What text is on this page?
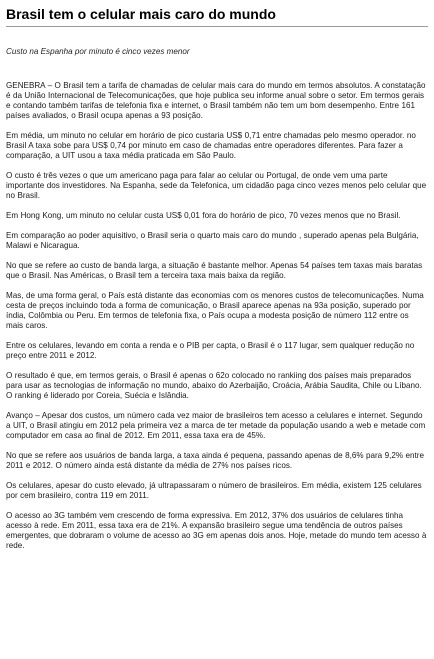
Brasil tem o celular mais caro do mundo

Custo na Espanha por minuto é cinco vezes menor

GENEBRA – O Brasil tem a tarifa de chamadas de celular mais cara do mundo em termos absolutos. A constatação é da União Internacional de Telecomunicações, que hoje publica seu informe anual sobre o setor. Em termos gerais e contando também tarifas de telefonia fixa e internet, o Brasil também não tem um bom desempenho. Entre 161 países avaliados, o Brasil ocupa apenas a 93 posição.

Em média, um minuto no celular em horário de pico custaria US$ 0,71 entre chamadas pelo mesmo operador. no Brasil A taxa sobe para US$ 0,74 por minuto em caso de chamadas entre operadores diferentes. Para fazer a comparação, a UIT usou a taxa média praticada em São Paulo.

O custo é três vezes o que um americano paga para falar ao celular ou Portugal, de onde vem uma parte importante dos investidores. Na Espanha, sede da Telefonica, um cidadão paga cinco vezes menos pelo celular que no Brasil.

Em Hong Kong, um minuto no celular custa US$ 0,01 fora do horário de pico, 70 vezes menos que no Brasil.

Em comparação ao poder aquisitivo, o Brasil seria o quarto mais caro do mundo , superado apenas pela Bulgária, Malawi e Nicaragua.

No que se refere ao custo de banda larga, a situação é bastante melhor. Apenas 54 países tem taxas mais baratas que o Brasil. Nas Américas, o Brasil tem a terceira taxa mais baixa da região.

Mas, de uma forma geral, o País está distante das economias com os menores custos de telecomunicações. Numa cesta de preços incluindo toda a forma de comunicação, o Brasil aparece apenas na 93a posição, superado por índia, Colômbia ou Peru. Em termos de telefonia fixa, o País ocupa a modesta posição de número 112 entre os mais caros.

Entre os celulares, levando em conta a renda e o PIB per capta, o Brasil é o 117 lugar, sem qualquer redução no preço entre 2011 e 2012.

O resultado é que, em termos gerais, o Brasil é apenas o 62o colocado no rankiing dos países mais preparados para usar as tecnologias de informação no mundo, abaixo do Azerbaijão, Croácia, Arábia Saudita, Chile ou Líbano. O ranking é liderado por Coreia, Suécia e Islândia.

Avanço – Apesar dos custos, um número cada vez maior de brasileiros tem acesso a celulares e internet. Segundo a UIT, o Brasil atingiu em 2012 pela primeira vez a marca de ter metade da população usando a web e metade com computador em casa ao final de 2012. Em 2011, essa taxa era de 45%.

No que se refere aos usuários de banda larga, a taxa ainda é pequena, passando apenas de 8,6% para 9,2% entre 2011 e 2012. O número ainda está distante da média de 27% nos países ricos.

Os celulares, apesar do custo elevado, já ultrapassaram o número de brasileiros. Em média, existem 125 celulares por cem brasileiro, contra 119 em 2011.

O acesso ao 3G também vem crescendo de forma expressiva. Em 2012, 37% dos usuários de celulares tinha acesso à rede. Em 2011, essa taxa era de 21%. A expansão brasileiro segue uma tendência de outros países emergentes, que dobraram o volume de acesso ao 3G em apenas dois anos. Hoje, metade do mundo tem acesso à rede.
